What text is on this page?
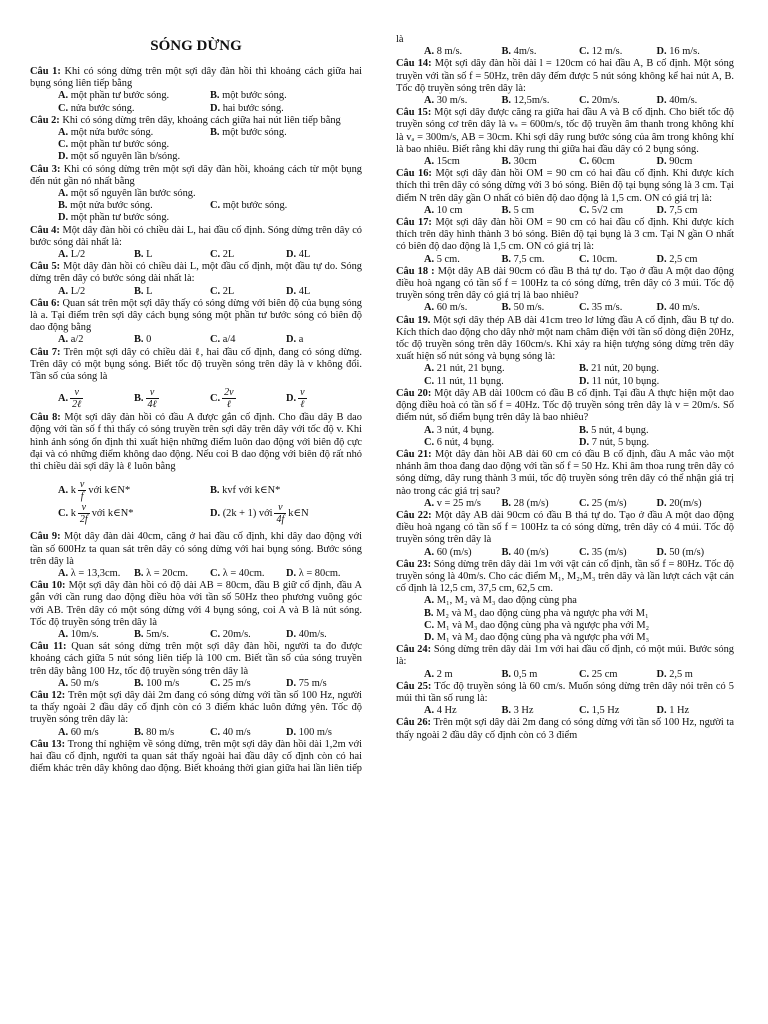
SÓNG DỪNG

Câu 1: Khi có sóng dừng trên một sợi dây đàn hồi thì khoảng cách giữa hai bụng sóng liên tiếp bằng

A. một phần tư bước sóng.	B. một bước sóng.
C. nửa bước sóng.	D. hai bước sóng.

Câu 2: Khi có sóng dừng trên dây, khoảng cách giữa hai nút liên tiếp bằng

A. một nửa bước sóng.	B. một bước sóng.
C. một phần tư bước sóng.
D. một số nguyên lần b/sóng.

Câu 3: Khi có sóng dừng trên một sợi dây đàn hồi, khoảng cách từ một bụng đến nút gần nó nhất bằng

A. một số nguyên lần bước sóng.
B. một nửa bước sóng.	C. một bước sóng.
D. một phần tư bước sóng.

Câu 4: Một dây đàn hồi có chiều dài L, hai đầu cố định. Sóng dừng trên dây có bước sóng dài nhất là:

A. L/2	B. L	C. 2L	D. 4L

Câu 5: Một dây đàn hồi có chiều dài L, một đầu cố định, một đầu tự do. Sóng dừng trên dây có bước sóng dài nhất là:

A. L/2	B. L	C. 2L	D. 4L

Câu 6: Quan sát trên một sợi dây thấy có sóng dừng với biên độ của bụng sóng là a. Tại điểm trên sợi dây cách bụng sóng một phần tư bước sóng có biên độ dao động bằng

A. a/2	B. 0	C. a/4	D. a

Câu 7: Trên một sợi dây có chiều dài ℓ, hai đầu cố định, đang có sóng dừng. Trên dây có một bụng sóng. Biết tốc độ truyền sóng trên dây là v không đổi. Tần số của sóng là

A. $\frac{v}{\text{2ℓ}}$	B. $\frac{v}{\text{4ℓ}}$	C. $\frac{2v}{\text{ℓ}}$	D. $\frac{v}{\text{ℓ}}$

Câu 8: Một sợi dây đàn hồi có đầu A được gắn cố định. Cho đầu dây B dao động với tần số f thì thấy có sóng truyền trên sợi dây trên dây với tốc độ v. Khi hình ảnh sóng ổn định thì xuất hiện những điểm luôn dao động với biên độ cực đại và có những điểm không dao động. Nếu coi B dao động với biên độ rất nhỏ thì chiều dài sợi dây là ℓ luôn bằng

A. k $\frac{v}{f}$ với k∈N*	B. kvf với k∈N*
C. k $\frac{v}{2f}$ với k∈N*	D. (2k + 1) với $\frac{v}{4f}$ k∈N

Câu 9: Một dây đàn dài 40cm, căng ở hai đầu cố định, khi dây dao động với tần số 600Hz ta quan sát trên dây có sóng dừng với hai bụng sóng. Bước sóng trên dây là

A. λ = 13,3cm.	B. λ = 20cm.	C. λ = 40cm.	D. λ = 80cm.

Câu 10: Một sợi dây đàn hồi có độ dài AB = 80cm, đầu B giữ cố định, đầu A gắn với cần rung dao động điều hòa với tần số 50Hz theo phương vuông góc với AB. Trên dây có một sóng dừng với 4 bụng sóng, coi A và B là nút sóng. Tốc độ truyền sóng trên dây là

A. 10m/s.	B. 5m/s.	C. 20m/s.	D. 40m/s.

Câu 11: Quan sát sóng dừng trên một sợi dây đàn hồi, người ta đo được khoảng cách giữa 5 nút sóng liên tiếp là 100 cm. Biết tần số của sóng truyền trên dây bằng 100 Hz, tốc độ truyền sóng trên dây là

A. 50 m/s	B. 100 m/s	C. 25 m/s	D. 75 m/s

Câu 12: Trên một sợi dây dài 2m đang có sóng dừng với tần số 100 Hz, người ta thấy ngoài 2 đầu dây cố định còn có 3 điểm khác luôn đứng yên. Tốc độ truyền sóng trên dây là:

A. 60 m/s	B. 80 m/s	C. 40 m/s	D. 100 m/s

Câu 13: Trong thí nghiệm về sóng dừng, trên một sợi dây đàn hồi dài 1,2m với hai đầu cố định, người ta quan sát thấy ngoài hai đầu dây cố định còn có hai điểm khác trên dây không dao động. Biết khoảng thời gian giữa hai lần liên tiếp

là

A. 8 m/s.	B. 4m/s.	C. 12 m/s.	D. 16 m/s.

Câu 14: Một sợi dây đàn hồi dài l = 120cm có hai đầu A, B cố định. Một sóng truyền với tần số f = 50Hz, trên dây đếm được 5 nút sóng không kể hai nút A, B. Tốc độ truyền sóng trên dây là:

A. 30 m/s.	B. 12,5m/s.	C. 20m/s.	D. 40m/s.

Câu 15: Một sợi dây được căng ra giữa hai đầu A và B cố định. Cho biết tốc độ truyền sóng cơ trên dây là vₛ = 600m/s, tốc độ truyền âm thanh trong không khí là vₐ = 300m/s, AB = 30cm. Khi sợi dây rung bước sóng của âm trong không khí là bao nhiêu. Biết rằng khi dây rung thì giữa hai đầu dây có 2 bụng sóng.

A. 15cm	B. 30cm	C. 60cm	D. 90cm

Câu 16: Một sợi dây đàn hồi OM = 90 cm có hai đầu cố định. Khi được kích thích thì trên dây có sóng dừng với 3 bó sóng. Biên độ tại bụng sóng là 3 cm. Tại điểm N trên dây gần O nhất có biên độ dao động là 1,5 cm. ON có giá trị là:

A. 10 cm	B. 5 cm	C. 5√2 cm	D. 7,5 cm

Câu 17: Một sợi dây đàn hồi OM = 90 cm có hai đầu cố định. Khi được kích thích trên dây hình thành 3 bó sóng. Biên độ tại bụng là 3 cm. Tại N gần O nhất có biên độ dao động là 1,5 cm. ON có giá trị là:

A. 5 cm.	B. 7,5 cm.	C. 10cm.	D. 2,5 cm

Câu 18 : Một dây AB dài 90cm có đầu B thả tự do. Tạo ở đầu A một dao động điều hoà ngang có tần số f = 100Hz ta có sóng dừng, trên dây có 3 múi. Tốc độ truyền sóng trên dây có giá trị là bao nhiêu?

A. 60 m/s.	B. 50 m/s.	C. 35 m/s.	D. 40 m/s.

Câu 19. Một sợi dây thép AB dài 41cm treo lơ lửng đầu A cố định, đầu B tự do. Kích thích dao động cho dây nhờ một nam châm điện với tần số dòng điện 20Hz, tốc độ truyền sóng trên dây 160cm/s. Khi xảy ra hiện tượng sóng dừng trên dây xuất hiện số nút sóng và bụng sóng là:

A. 21 nút, 21 bụng.	B. 21 nút, 20 bụng.
C. 11 nút, 11 bụng.	D. 11 nút, 10 bụng.

Câu 20: Một dây AB dài 100cm có đầu B cố định. Tại đầu A thực hiện một dao động điều hoà có tần số f = 40Hz. Tốc độ truyền sóng trên dây là v = 20m/s. Số điểm nút, số điểm bụng trên dây là bao nhiêu?

A. 3 nút, 4 bụng.	B. 5 nút, 4 bụng.
C. 6 nút, 4 bụng.	D. 7 nút, 5 bụng.

Câu 21: Một dây đàn hồi AB dài 60 cm có đầu B cố định, đầu A mắc vào một nhánh âm thoa đang dao động với tần số f = 50 Hz. Khi âm thoa rung trên dây có sóng dừng, dây rung thành 3 múi, tốc độ truyền sóng trên dây có thể nhận giá trị nào trong các giá trị sau?

A. v = 25 m/s	B. 28 (m/s)	C. 25 (m/s)	D. 20(m/s)

Câu 22: Một dây AB dài 90cm có đầu B thả tự do. Tạo ở đầu A một dao động điều hoà ngang có tần số f = 100Hz ta có sóng dừng, trên dây có 4 múi. Tốc độ truyền sóng trên dây là

A. 60 (m/s)	B. 40 (m/s)	C. 35 (m/s)	D. 50 (m/s)

Câu 23: Sóng dừng trên dây dài 1m với vật cản cố định, tần số f = 80Hz. Tốc độ truyền sóng là 40m/s. Cho các điểm M₁, M₂,M₃ trên dây và lần lượt cách vật cản cố định là 12,5 cm, 37,5 cm, 62,5 cm.

A. M₁, M₂ và M₃ dao động cùng pha
B. M₂ và M₃ dao động cùng pha và ngược pha với M₁
C. M₁ và M₃ dao động cùng pha và ngược pha với M₂
D. M₁ và M₂ dao động cùng pha và ngược pha với M₃

Câu 24: Sóng dừng trên dây dài 1m với hai đầu cố định, có một múi. Bước sóng là:

A. 2 m	B. 0,5 m	C. 25 cm	D. 2,5 m

Câu 25: Tốc độ truyền sóng là 60 cm/s. Muốn sóng dừng trên dây nói trên có 5 múi thì tần số rung là:

A. 4 Hz	B. 3 Hz	C. 1,5 Hz	D. 1 Hz

Câu 26: Trên một sợi dây dài 2m đang có sóng dừng với tần số 100 Hz, người ta thấy ngoài 2 đầu dây cố định còn có 3 điểm
